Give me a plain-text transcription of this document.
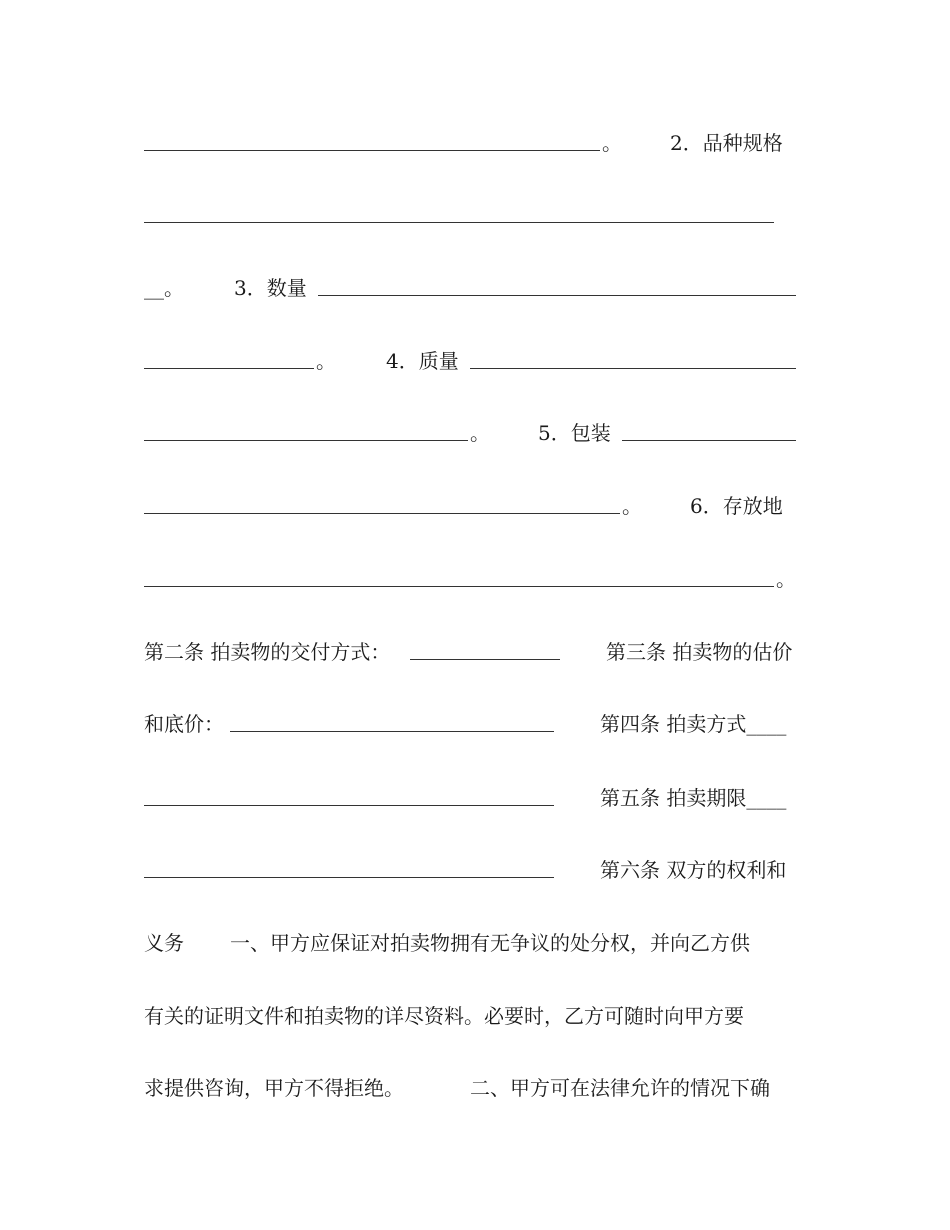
。

2．品种规格

__。

	3．数量

。

	4．质量

。

5．包装

。

6．存放地

。

第二条 拍卖物的交付方式：

	第三条 拍卖物的估价

和底价：

	第四条 拍卖方式____

第五条 拍卖期限____

第六条 双方的权利和

义务

一、甲方应保证对拍卖物拥有无争议的处分权，并向乙方供

有关的证明文件和拍卖物的详尽资料。必要时，乙方可随时向甲方要

求提供咨询，甲方不得拒绝。

	二、甲方可在法律允许的情况下确
